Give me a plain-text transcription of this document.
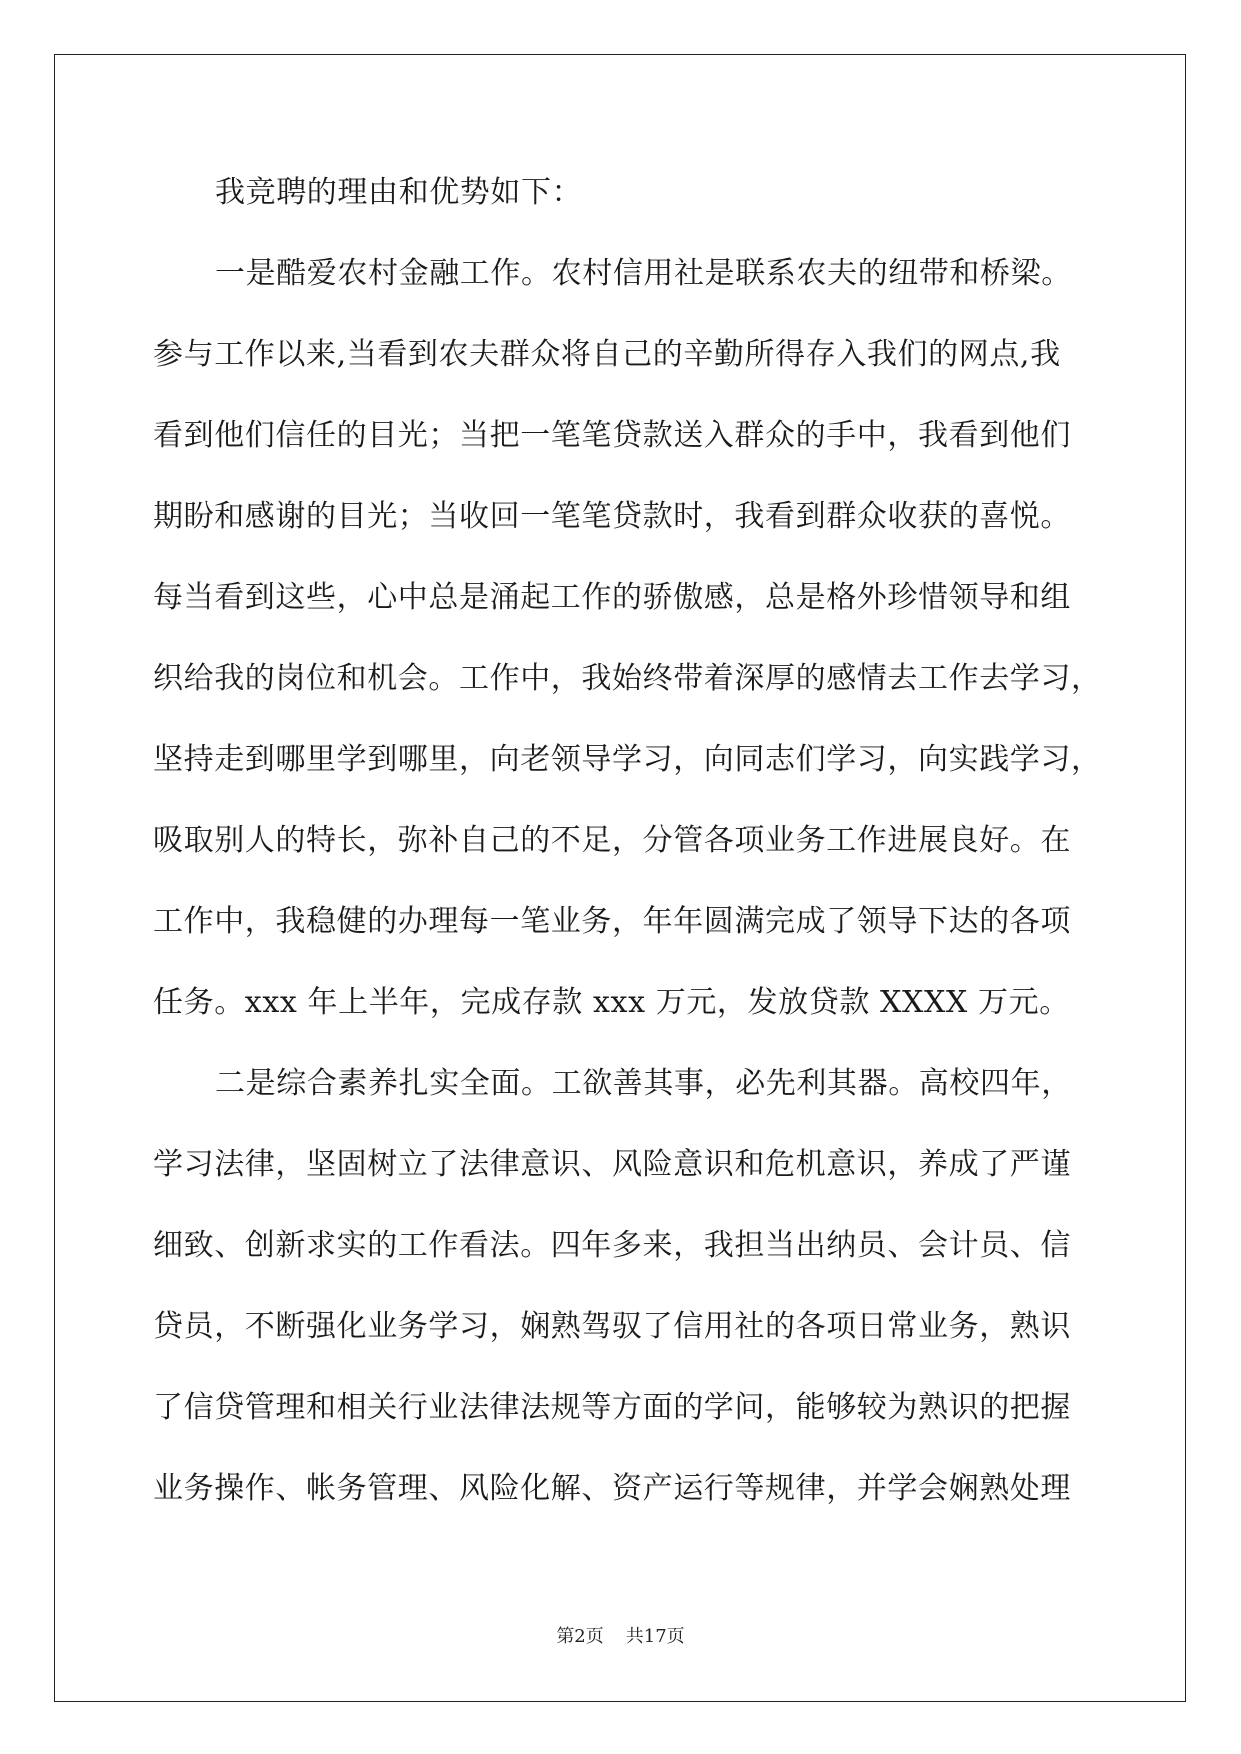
我竞聘的理由和优势如下：
一是酷爱农村金融工作。农村信用社是联系农夫的纽带和桥梁。
参与工作以来,当看到农夫群众将自己的辛勤所得存入我们的网点,我
看到他们信任的目光；当把一笔笔贷款送入群众的手中，我看到他们
期盼和感谢的目光；当收回一笔笔贷款时，我看到群众收获的喜悦。
每当看到这些，心中总是涌起工作的骄傲感，总是格外珍惜领导和组
织给我的岗位和机会。工作中，我始终带着深厚的感情去工作去学习，
坚持走到哪里学到哪里，向老领导学习，向同志们学习，向实践学习，
吸取别人的特长，弥补自己的不足，分管各项业务工作进展良好。在
工作中，我稳健的办理每一笔业务，年年圆满完成了领导下达的各项
任务。xxx 年上半年，完成存款 xxx 万元，发放贷款 XXXX 万元。
二是综合素养扎实全面。工欲善其事，必先利其器。高校四年，
学习法律，坚固树立了法律意识、风险意识和危机意识，养成了严谨
细致、创新求实的工作看法。四年多来，我担当出纳员、会计员、信
贷员，不断强化业务学习，娴熟驾驭了信用社的各项日常业务，熟识
了信贷管理和相关行业法律法规等方面的学问，能够较为熟识的把握
业务操作、帐务管理、风险化解、资产运行等规律，并学会娴熟处理
第2页 共17页
